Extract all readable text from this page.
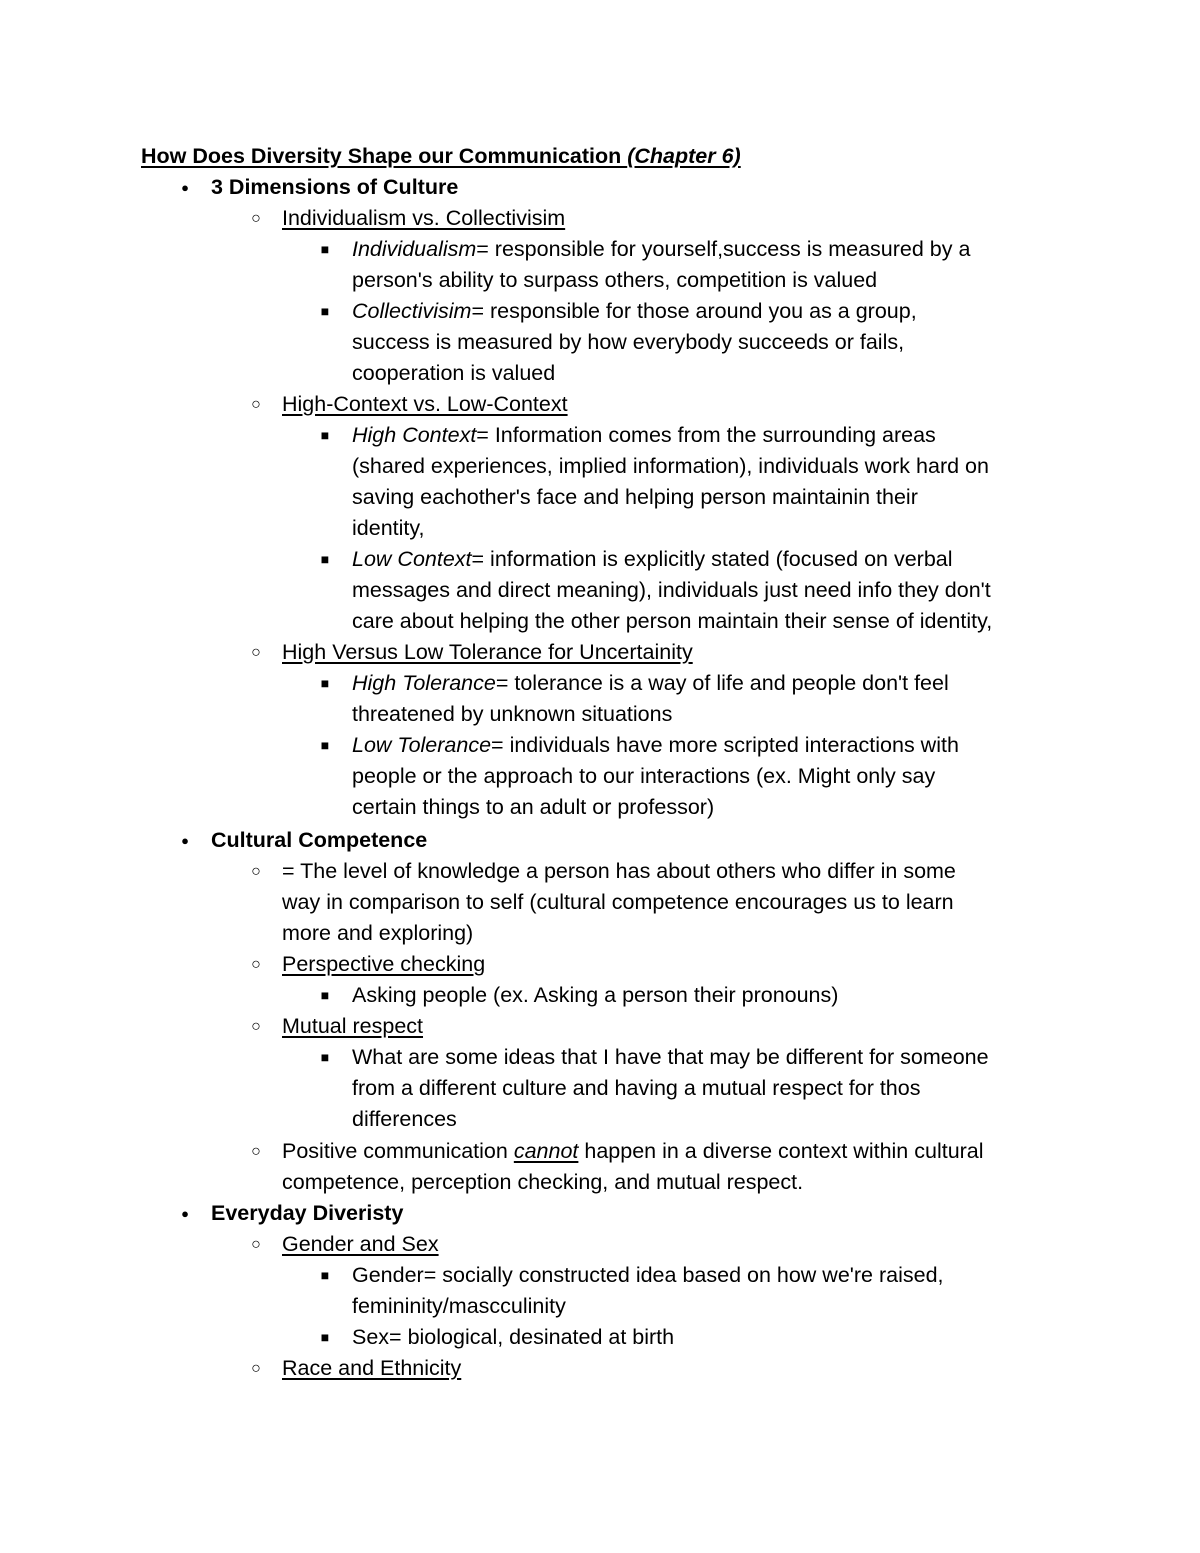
How Does Diversity Shape our Communication (Chapter 6)
● 3 Dimensions of Culture
○ Individualism vs. Collectivisim
■ Individualism= responsible for yourself,success is measured by a
person's ability to surpass others, competition is valued
■ Collectivisim= responsible for those around you as a group,
success is measured by how everybody succeeds or fails,
cooperation is valued
○ High-Context vs. Low-Context
■ High Context= Information comes from the surrounding areas
(shared experiences, implied information), individuals work hard on
saving eachother's face and helping person maintainin their
identity,
■ Low Context= information is explicitly stated (focused on verbal
messages and direct meaning), individuals just need info they don't
care about helping the other person maintain their sense of identity,
○ High Versus Low Tolerance for Uncertainity
■ High Tolerance= tolerance is a way of life and people don't feel
threatened by unknown situations
■ Low Tolerance= individuals have more scripted interactions with
people or the approach to our interactions (ex. Might only say
certain things to an adult or professor)
● Cultural Competence
○ = The level of knowledge a person has about others who differ in some
way in comparison to self (cultural competence encourages us to learn
more and exploring)
○ Perspective checking
■ Asking people (ex. Asking a person their pronouns)
○ Mutual respect
■ What are some ideas that I have that may be different for someone
from a different culture and having a mutual respect for thos
differences
○ Positive communication cannot happen in a diverse context within cultural
competence, perception checking, and mutual respect.
● Everyday Diveristy
○ Gender and Sex
■ Gender= socially constructed idea based on how we're raised,
femininity/mascculinity
■ Sex= biological, desinated at birth
○ Race and Ethnicity
